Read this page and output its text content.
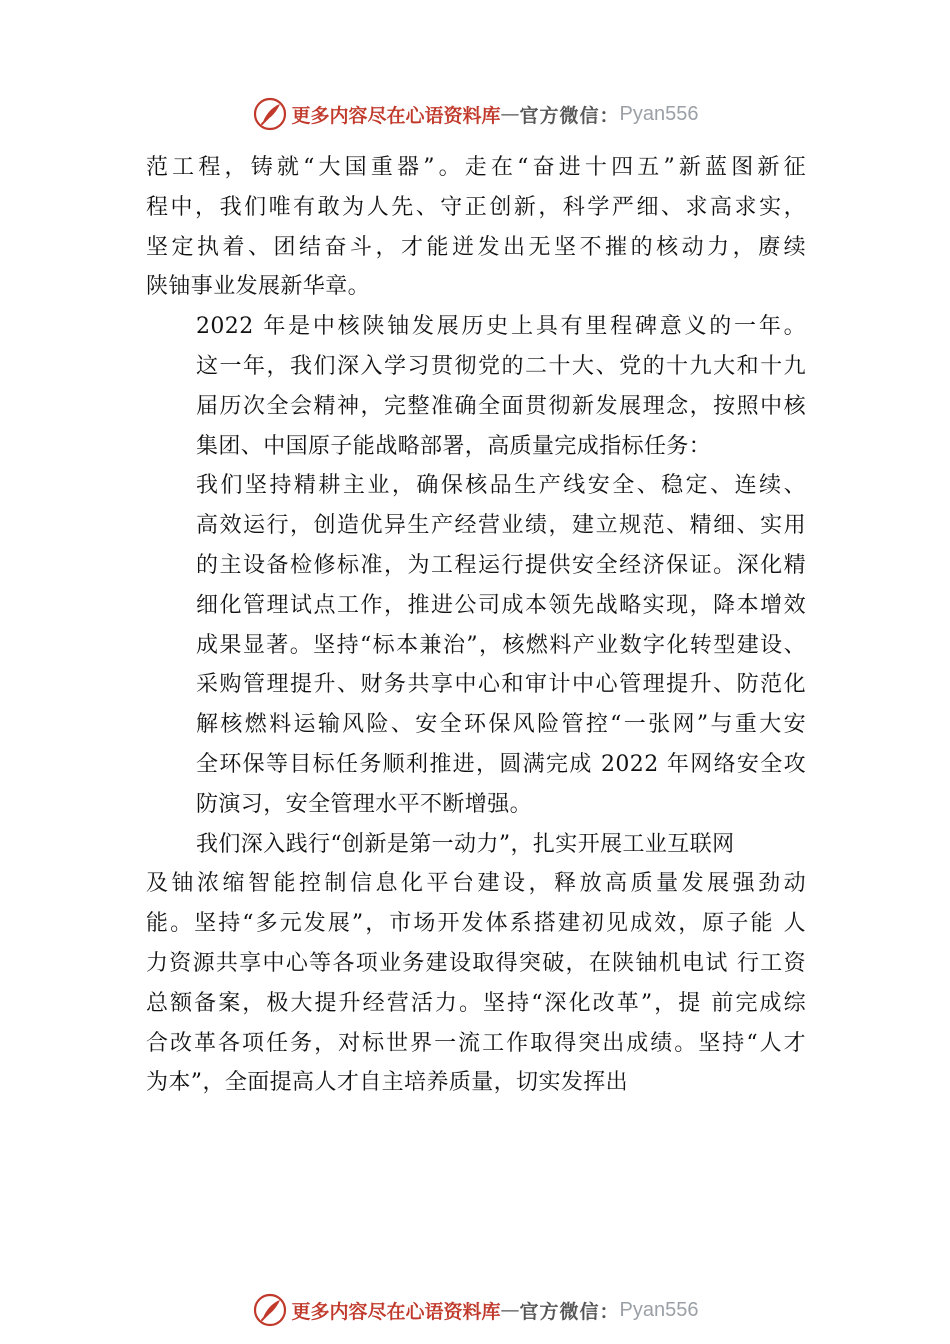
更多内容尽在心语资料库 — 官方微信： Pyan556

范工程，铸就“大国重器”。走在“奋进十四五”新蓝图新征
程中，我们唯有敢为人先、守正创新，科学严细、求高求实，
坚定执着、团结奋斗，才能迸发出无坚不摧的核动力，赓续
陕铀事业发展新华章。

2022 年是中核陕铀发展历史上具有里程碑意义的一年。
这一年，我们深入学习贯彻党的二十大、党的十九大和十九
届历次全会精神，完整准确全面贯彻新发展理念，按照中核
集团、中国原子能战略部署，高质量完成指标任务：

我们坚持精耕主业，确保核品生产线安全、稳定、连续、
高效运行，创造优异生产经营业绩，建立规范、精细、实用
的主设备检修标准，为工程运行提供安全经济保证。深化精
细化管理试点工作，推进公司成本领先战略实现，降本增效
成果显著。坚持“标本兼治”，核燃料产业数字化转型建设、
采购管理提升、财务共享中心和审计中心管理提升、防范化
解核燃料运输风险、安全环保风险管控“一张网”与重大安
全环保等目标任务顺利推进，圆满完成 2022 年网络安全攻
防演习，安全管理水平不断增强。

我们深入践行“创新是第一动力”，扎实开展工业互联网

及铀浓缩智能控制信息化平台建设，释放高质量发展强劲动
能。坚持“多元发展”，市场开发体系搭建初见成效，原子能 人
力资源共享中心等各项业务建设取得突破，在陕铀机电试 行工资
总额备案，极大提升经营活力。坚持“深化改革”，提 前完成综
合改革各项任务，对标世界一流工作取得突出成绩。坚持“人才
为本”，全面提高人才自主培养质量，切实发挥出

更多内容尽在心语资料库 — 官方微信： Pyan556
